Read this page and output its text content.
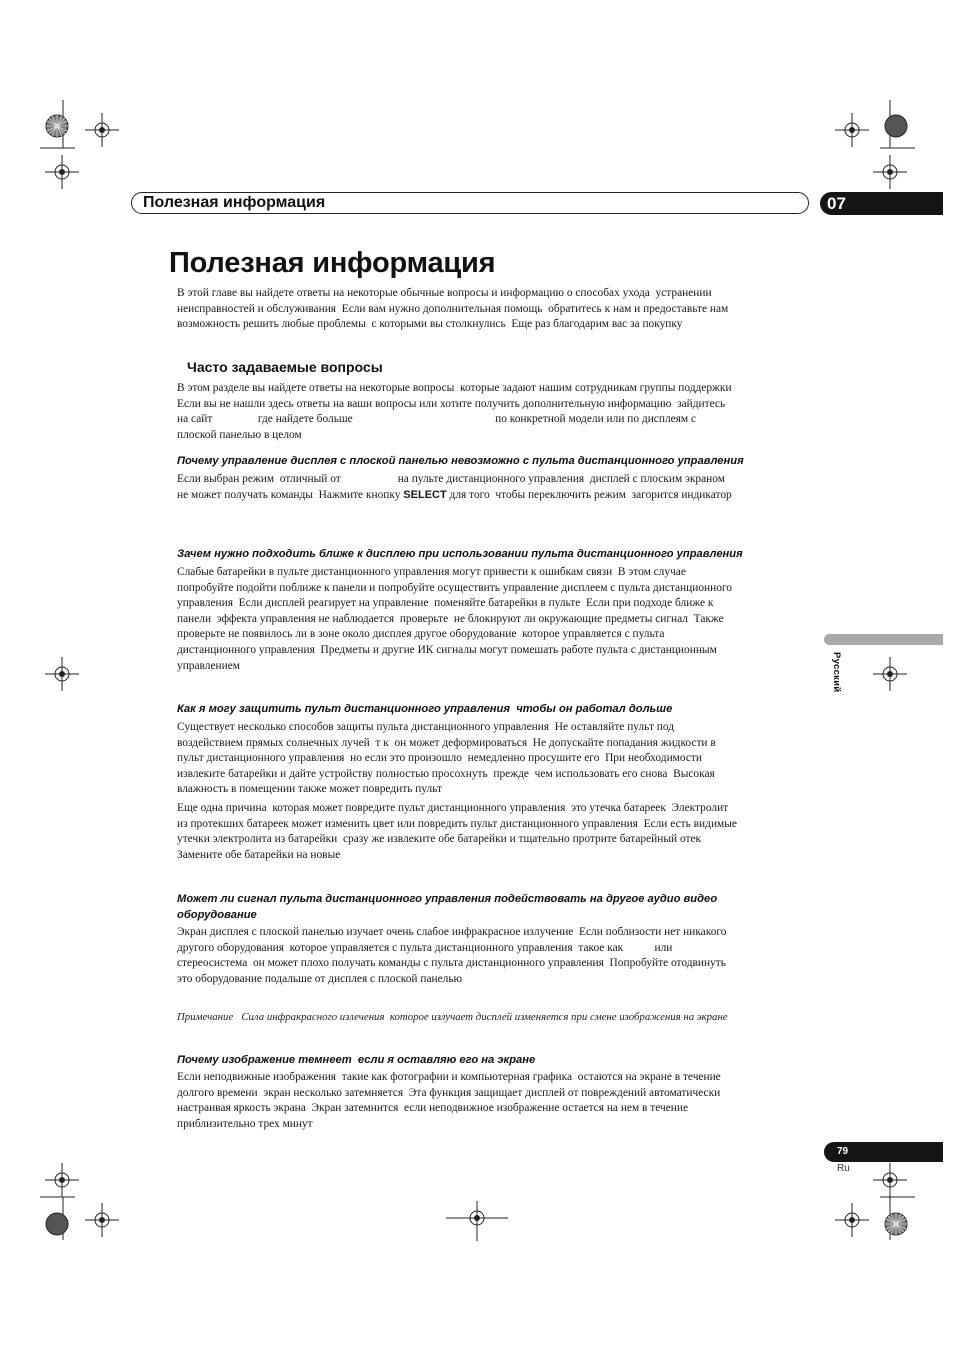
Полезная информация	07
Полезная информация

В этой главе вы найдете ответы на некоторые обычные вопросы и информацию о способах ухода  устранении
неисправностей и обслуживания  Если вам нужно дополнительная помощь  обратитесь к нам и предоставьте нам
возможность решить любые проблемы  с которыми вы столкнулись  Еще раз благодарим вас за покупку

Часто задаваемые вопросы

В этом разделе вы найдете ответы на некоторые вопросы  которые задают нашим сотрудникам группы поддержки
Если вы не нашли здесь ответы на ваши вопросы или хотите получить дополнительную информацию  зайдитесь
на сайт                где найдете больше                                                  по конкретной модели или по дисплеям с
плоской панелью в целом

Почему управление дисплея с плоской панелью невозможно с пульта дистанционного управления

Если выбран режим  отличный от                    на пульте дистанционного управления  дисплей с плоским экраном
не может получать команды  Нажмите кнопку SELECT для того  чтобы переключить режим  загорится индикатор

Зачем нужно подходить ближе к дисплею при использовании пульта дистанционного управления

Слабые батарейки в пульте дистанционного управления могут привести к ошибкам связи  В этом случае
попробуйте подойти поближе к панели и попробуйте осуществить управление дисплеем с пульта дистанционного
управления  Если дисплей реагирует на управление  поменяйте батарейки в пульте  Если при подходе ближе к
панели  эффекта управления не наблюдается  проверьте  не блокируют ли окружающие предметы сигнал  Также
проверьте не появилось ли в зоне около дисплея другое оборудование  которое управляется с пульта
дистанционного управления  Предметы и другие ИК сигналы могут помешать работе пульта с дистанционным
управлением

Как я могу защитить пульт дистанционного управления  чтобы он работал дольше

Существует несколько способов защиты пульта дистанционного управления  Не оставляйте пульт под
воздействием прямых солнечных лучей  т к  он может деформироваться  Не допускайте попадания жидкости в
пульт дистанционного управления  но если это произошло  немедленно просушите его  При необходимости
извлеките батарейки и дайте устройству полностью просохнуть  прежде  чем использовать его снова  Высокая
влажность в помещении также может повредить пульт

Еще одна причина  которая может повредите пульт дистанционного управления  это утечка батареек  Электролит
из протекших батареек может изменить цвет или повредить пульт дистанционного управления  Если есть видимые
утечки электролита из батарейки  сразу же извлеките обе батарейки и тщательно протрите батарейный отек
Замените обе батарейки на новые

Может ли сигнал пульта дистанционного управления подействовать на другое аудио видео
оборудование

Экран дисплея с плоской панелью изучает очень слабое инфракрасное излучение  Если поблизости нет никакого
другого оборудования  которое управляется с пульта дистанционного управления  такое как           или
стереосистема  он может плохо получать команды с пульта дистанционного управления  Попробуйте отодвинуть
это оборудование подальше от дисплея с плоской панелью

Примечание   Сила инфракрасного излечения  которое излучает дисплей изменяется при смене изображения на экране

Почему изображение темнеет  если я оставляю его на экране

Если неподвижные изображения  такие как фотографии и компьютерная графика  остаются на экране в течение
долгого времени  экран несколько затемняется  Эта функция защищает дисплей от повреждений автоматически
настраивая яркость экрана  Экран затемнится  если неподвижное изображение остается на нем в течение
приблизительно трех минут

Русский
79
Ru
